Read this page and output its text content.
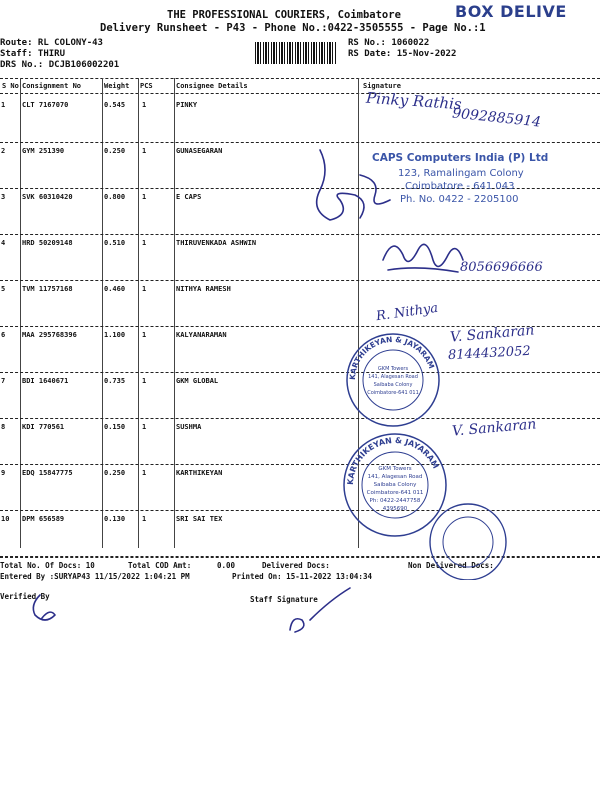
THE PROFESSIONAL COURIERS, Coimbatore
Delivery Runsheet - P43 - Phone No.:0422-3505555 - Page No.:1
BOX DELIVE
Route: RL COLONY-43
Staff: THIRU
DRS No.: DCJB106002201
RS No.: 1060022
RS Date: 15-Nov-2022
S No Consignment No	Weight PCS	Consignee Details	Signature
1 CLT 7167070	0.545 1	PINKY
2 GYM 251390	0.250 1	GUNASEGARAN
3 SVK 60310420	0.800 1	E CAPS
4 HRD 50209148	0.510 1	THIRUVENKADA ASHWIN
5 TVM 11757168	0.460 1	NITHYA RAMESH
6 MAA 295768396	1.100 1	KALYANARAMAN
7 BDI 1640671	0.735 1	GKM GLOBAL
8 KDI 770561	0.150 1	SUSHMA
9 EDQ 15847775	0.250 1	KARTHIKEYAN
10 DPM 656589	0.130 1	SRI SAI TEX
Total No. Of Docs: 10	Total COD Amt:	0.00	Delivered Docs:	Non Delivered Docs:
Entered By :SURYAP43 11/15/2022 1:04:21 PM	Printed On: 15-11-2022 13:04:34
Verified By	Staff Signature
Pinky Rathis
9092885914
8056696666
R. Nithya
V. Sankaran
8144432052
V. Sankaran
CAPS Computers India (P) Ltd
123, Ramalingam Colony
Coimbatore - 641 043
Ph. No. 0422 - 2205100
KARTHIKEYAN & JAYARAM
GKM Towers
141, Alagesan Road
Saibaba Colony
Coimbatore-641 011
KARTHIKEYAN & JAYARAM
GKM Towers
141, Alagesan Road
Saibaba Colony
Coimbatore-641 011
Ph: 0422-2447758
4395690
